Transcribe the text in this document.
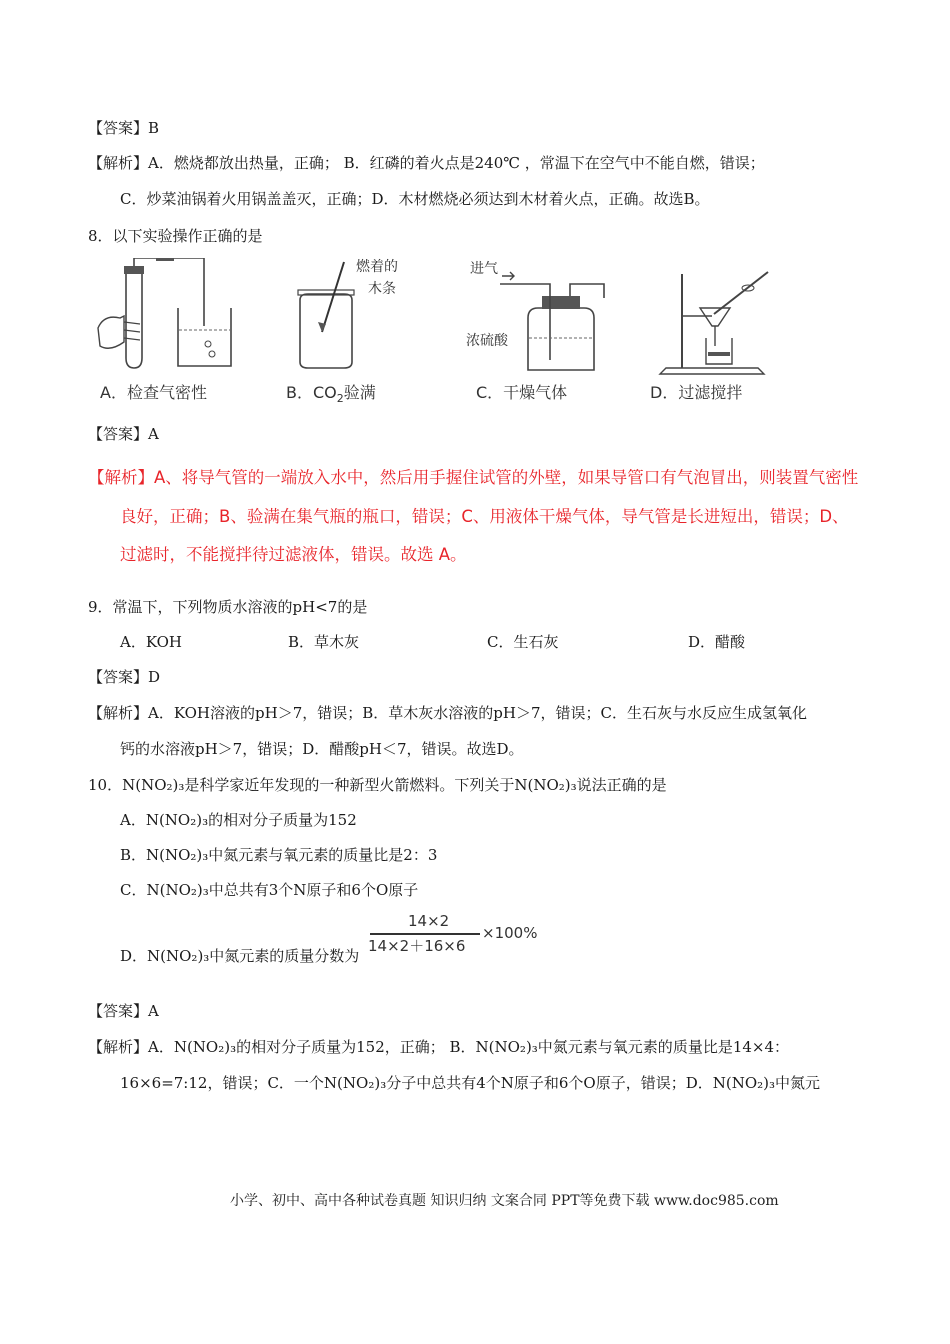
【答案】B
【解析】A．燃烧都放出热量，正确； B．红磷的着火点是240℃ ，常温下在空气中不能自燃，错误；
C．炒菜油锅着火用锅盖盖灭，正确；D．木材燃烧必须达到木材着火点，正确。故选B。
8．以下实验操作正确的是
A．检查气密性
燃着的
木条
B．$CO_2$验满
进气
浓硫酸
C．干燥气体	D．过滤搅拌
【答案】A
【解析】A、将导气管的一端放入水中，然后用手握住试管的外壁，如果导管口有气泡冒出，则装置气密性
良好，正确；B、验满在集气瓶的瓶口，错误；C、用液体干燥气体，导气管是长进短出，错误；D、
过滤时，不能搅拌待过滤液体，错误。故选 A。
9．常温下，下列物质水溶液的pH<7的是
A．KOH	B．草木灰	C．生石灰	D．醋酸
【答案】D
【解析】A．KOH溶液的pH＞7，错误；B．草木灰水溶液的pH＞7，错误；C．生石灰与水反应生成氢氧化
钙的水溶液pH＞7，错误；D．醋酸pH＜7，错误。故选D。
10．N(NO₂)₃是科学家近年发现的一种新型火箭燃料。下列关于N(NO₂)₃说法正确的是
A．N(NO₂)₃的相对分子质量为152
B．N(NO₂)₃中氮元素与氧元素的质量比是2：3
C．N(NO₂)₃中总共有3个N原子和6个O原子
D．N(NO₂)₃中氮元素的质量分数为
14×2
14×2＋16×6
×100%
【答案】A
【解析】A．N(NO₂)₃的相对分子质量为152，正确； B．N(NO₂)₃中氮元素与氧元素的质量比是14×4：
16×6=7:12，错误；C．一个N(NO₂)₃分子中总共有4个N原子和6个O原子，错误；D．N(NO₂)₃中氮元
小学、初中、高中各种试卷真题 知识归纳 文案合同 PPT等免费下载 www.doc985.com
